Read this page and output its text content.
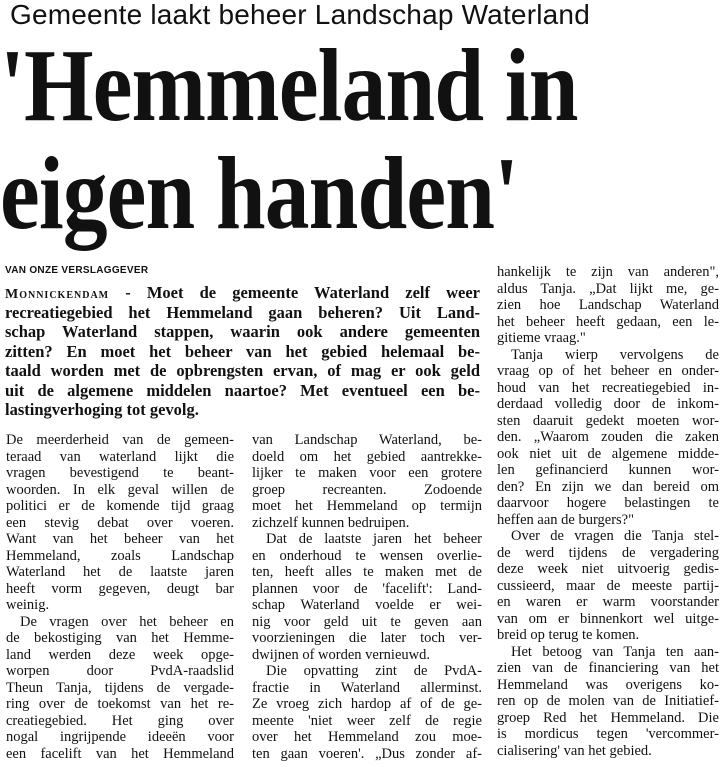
Gemeente laakt beheer Landschap Waterland
'Hemmeland in
eigen handen'
VAN ONZE VERSLAGGEVER
Monnickendam - Moet de gemeente Waterland zelf weer
recreatiegebied het Hemmeland gaan beheren? Uit Land-
schap Waterland stappen, waarin ook andere gemeenten
zitten? En moet het beheer van het gebied helemaal be-
taald worden met de opbrengsten ervan, of mag er ook geld
uit de algemene middelen naartoe? Met eventueel een be-
lastingverhoging tot gevolg.
De meerderheid van de gemeen-
teraad van waterland lijkt die
vragen bevestigend te beant-
woorden. In elk geval willen de
politici er de komende tijd graag
een stevig debat over voeren.
Want van het beheer van het
Hemmeland, zoals Landschap
Waterland het de laatste jaren
heeft vorm gegeven, deugt bar
weinig.
De vragen over het beheer en
de bekostiging van het Hemme-
land werden deze week opge-
worpen door PvdA-raadslid
Theun Tanja, tijdens de vergade-
ring over de toekomst van het re-
creatiegebied. Het ging over
nogal ingrijpende ideeën voor
een facelift van het Hemmeland
van Landschap Waterland, be-
doeld om het gebied aantrekke-
lijker te maken voor een grotere
groep recreanten. Zodoende
moet het Hemmeland op termijn
zichzelf kunnen bedruipen.
Dat de laatste jaren het beheer
en onderhoud te wensen overlie-
ten, heeft alles te maken met de
plannen voor de 'facelift': Land-
schap Waterland voelde er wei-
nig voor geld uit te geven aan
voorzieningen die later toch ver-
dwijnen of worden vernieuwd.
Die opvatting zint de PvdA-
fractie in Waterland allerminst.
Ze vroeg zich hardop af of de ge-
meente 'niet weer zelf de regie
over het Hemmeland zou moe-
ten gaan voeren'. „Dus zonder af-
hankelijk te zijn van anderen",
aldus Tanja. „Dat lijkt me, ge-
zien hoe Landschap Waterland
het beheer heeft gedaan, een le-
gitieme vraag."
Tanja wierp vervolgens de
vraag op of het beheer en onder-
houd van het recreatiegebied in-
derdaad volledig door de inkom-
sten daaruit gedekt moeten wor-
den. „Waarom zouden die zaken
ook niet uit de algemene midde-
len gefinancierd kunnen wor-
den? En zijn we dan bereid om
daarvoor hogere belastingen te
heffen aan de burgers?"
Over de vragen die Tanja stel-
de werd tijdens de vergadering
deze week niet uitvoerig gedis-
cussieerd, maar de meeste partij-
en waren er warm voorstander
van om er binnenkort wel uitge-
breid op terug te komen.
Het betoog van Tanja ten aan-
zien van de financiering van het
Hemmeland was overigens ko-
ren op de molen van de Initiatief-
groep Red het Hemmeland. Die
is mordicus tegen 'vercommer-
cialisering' van het gebied.
